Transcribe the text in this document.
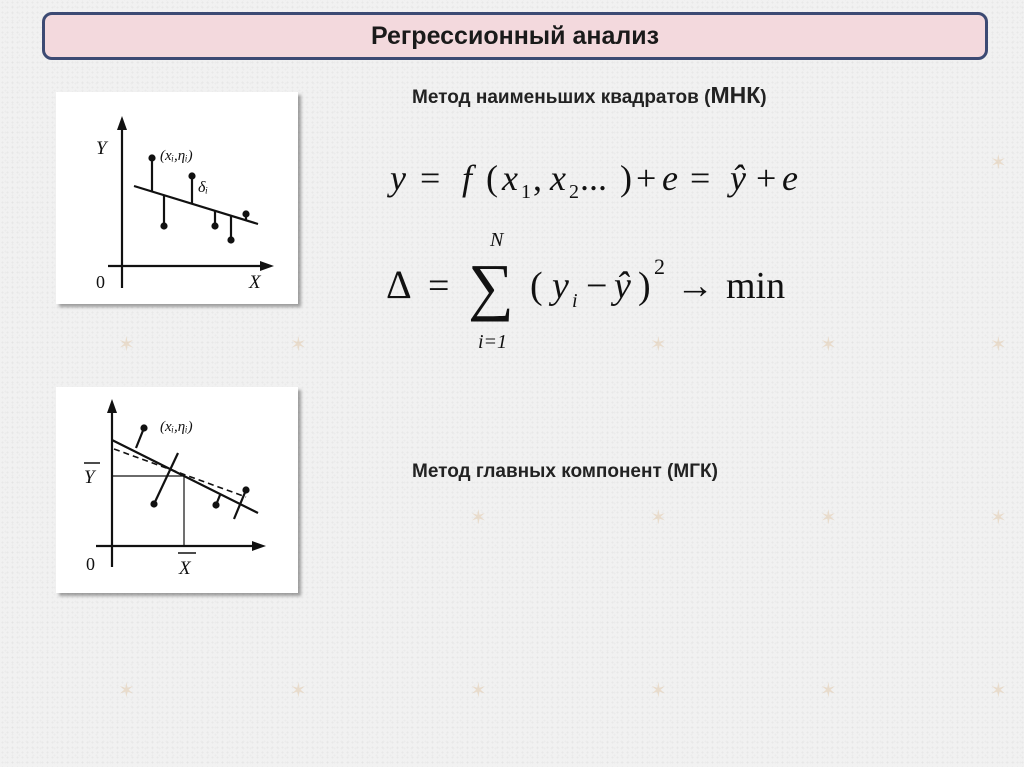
Регрессионный анализ
Метод наименьших квадратов (МНК)
Метод главных компонент (МГК)
Y
X
0
(xᵢ,ηᵢ)
δᵢ
Y
X
0
(xᵢ,ηᵢ)
y = f ( x 1 , x 2 ... ) + e = ŷ + e
Δ =
N
∑
i=1
( y i − ŷ ) 2 → min
✶	✶	✶	✶	✶
✶
✶	✶	✶	✶
✶	✶	✶	✶	✶	✶
